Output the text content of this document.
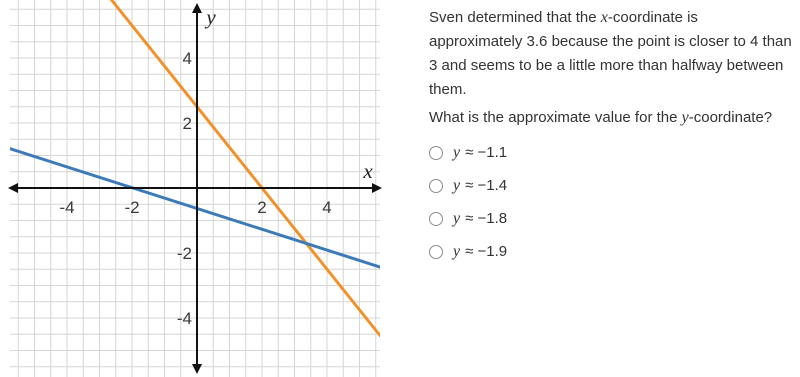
-4	-2	2	4
4
2
-2
-4
x
y	Sven determined that the x-coordinate is approximately 3.6 because the point is closer to 4 than 3 and seems to be a little more than halfway between them.

What is the approximate value for the y-coordinate?

y ≈ −1.1
y ≈ −1.4
y ≈ −1.8
y ≈ −1.9
